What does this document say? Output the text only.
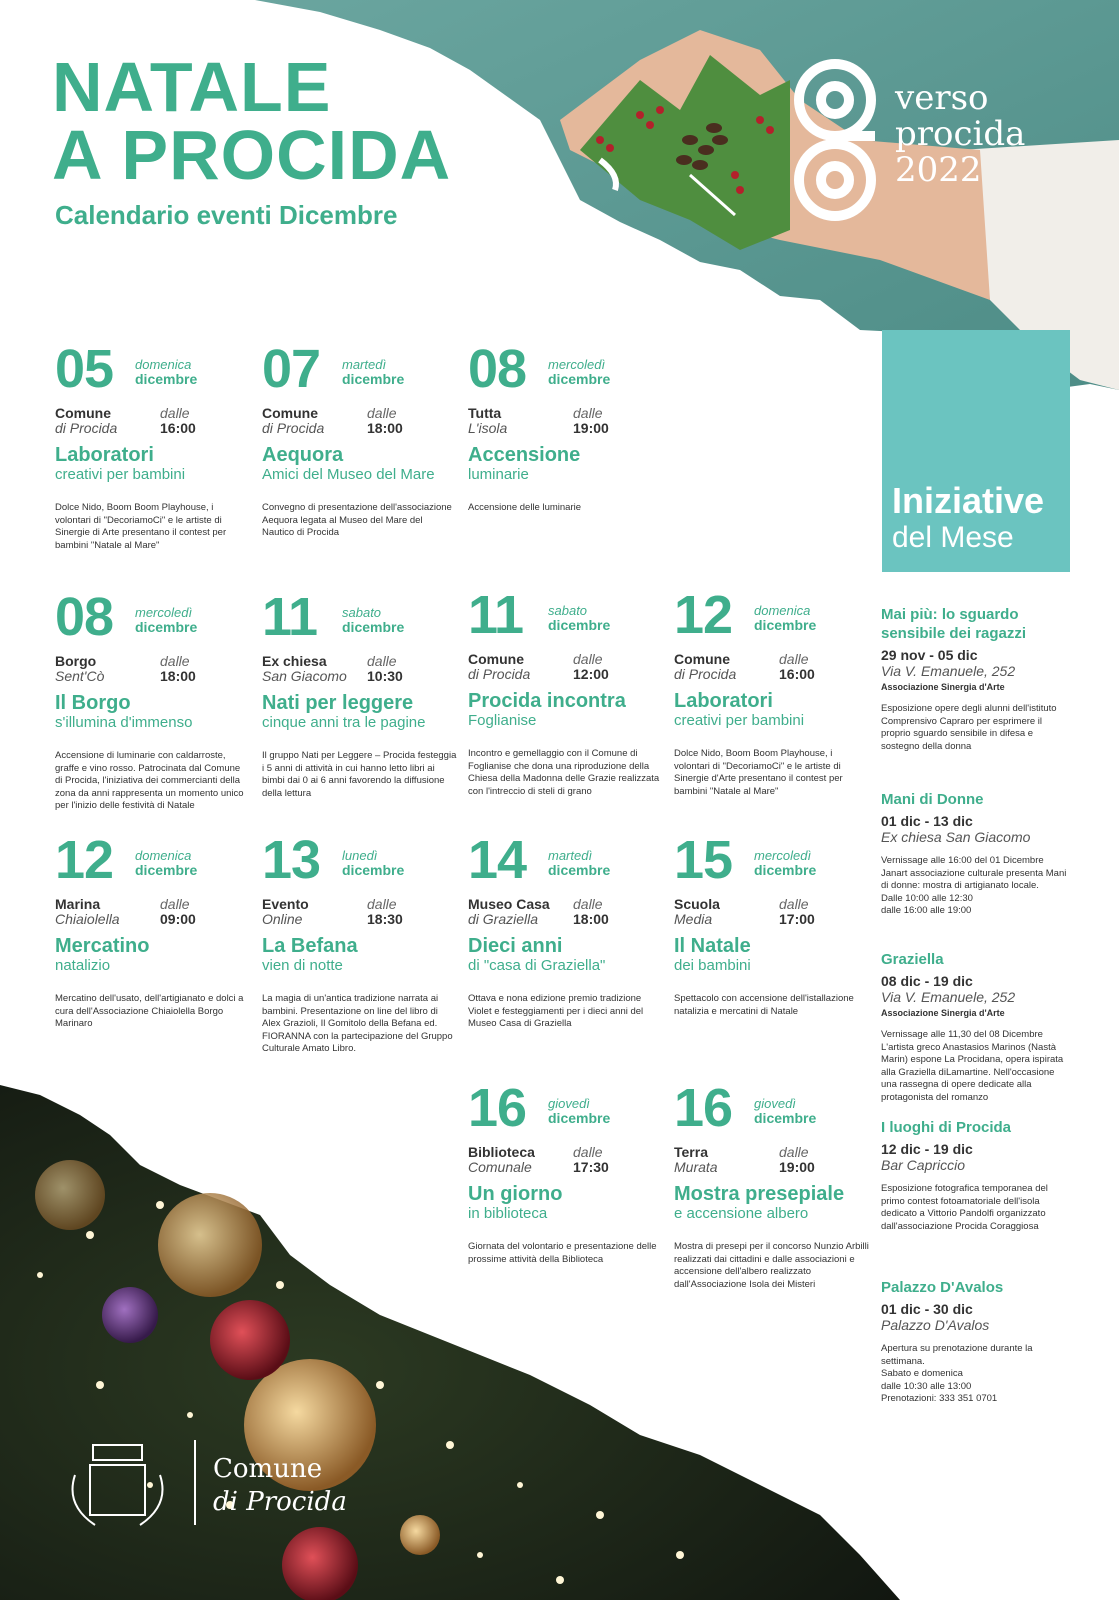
NATALE
A PROCIDA
Calendario eventi Dicembre
verso
procida
2022
05 domenica
dicembre
Comune
di Procida
dalle
16:00
Laboratori
creativi per bambini
Dolce Nido, Boom Boom Playhouse, i volontari di "DecoriamoCi" e le artiste di Sinergie di Arte presentano il contest per bambini "Natale al Mare"
07 martedì
dicembre
Comune
di Procida
dalle
18:00
Aequora
Amici del Museo del Mare
Convegno di presentazione dell'associazione Aequora legata al Museo del Mare del Nautico di Procida
08 mercoledì
dicembre
Tutta
L'isola
dalle
19:00
Accensione
luminarie
Accensione delle luminarie
08 mercoledì
dicembre
Borgo
Sent'Cò
dalle
18:00
Il Borgo
s'illumina d'immenso
Accensione di luminarie con caldarroste, graffe e vino rosso. Patrocinata dal Comune di Procida, l'iniziativa dei commercianti della zona da anni rappresenta un momento unico per l'inizio delle festività di Natale
11 sabato
dicembre
Ex chiesa
San Giacomo
dalle
10:30
Nati per leggere
cinque anni tra le pagine
Il gruppo Nati per Leggere – Procida festeggia i 5 anni di attività in cui hanno letto libri ai bimbi dai 0 ai 6 anni favorendo la diffusione della lettura
11 sabato
dicembre
Comune
di Procida
dalle
12:00
Procida incontra
Foglianise
Incontro e gemellaggio con il Comune di Foglianise che dona una riproduzione della Chiesa della Madonna delle Grazie realizzata con l'intreccio di steli di grano
12 domenica
dicembre
Comune
di Procida
dalle
16:00
Laboratori
creativi per bambini
Dolce Nido, Boom Boom Playhouse, i volontari di "DecoriamoCi" e le artiste di Sinergie d'Arte presentano il contest per bambini "Natale al Mare"
12 domenica
dicembre
Marina
Chiaiolella
dalle
09:00
Mercatino
natalizio
Mercatino dell'usato, dell'artigianato e dolci a cura dell'Associazione Chiaiolella Borgo Marinaro
13 lunedì
dicembre
Evento
Online
dalle
18:30
La Befana
vien di notte
La magia di un'antica tradizione narrata ai bambini. Presentazione on line del libro di Alex Grazioli, Il Gomitolo della Befana ed. FIORANNA con la partecipazione del Gruppo Culturale Amato Libro.
14 martedì
dicembre
Museo Casa
di Graziella
dalle
18:00
Dieci anni
di "casa di Graziella"
Ottava e nona edizione premio tradizione Violet e festeggiamenti per i dieci anni del Museo Casa di Graziella
15 mercoledì
dicembre
Scuola
Media
dalle
17:00
Il Natale
dei bambini
Spettacolo con accensione dell'istallazione natalizia e mercatini di Natale
16 giovedì
dicembre
Biblioteca
Comunale
dalle
17:30
Un giorno
in biblioteca
Giornata del volontario e presentazione delle prossime attività della Biblioteca
16 giovedì
dicembre
Terra
Murata
dalle
19:00
Mostra presepiale
e accensione albero
Mostra di presepi per il concorso Nunzio Arbilli realizzati dai cittadini e dalle associazioni e accensione dell'albero realizzato dall'Associazione Isola dei Misteri
Iniziative
del Mese
Mai più: lo sguardo sensibile dei ragazzi
29 nov - 05 dic
Via V. Emanuele, 252
Associazione Sinergia d'Arte
Esposizione opere degli alunni dell'istituto Comprensivo Capraro per esprimere il proprio sguardo sensibile in difesa e sostegno della donna
Mani di Donne
01 dic - 13 dic
Ex chiesa San Giacomo
Vernissage alle 16:00 del 01 Dicembre
Janart associazione culturale presenta Mani di donne: mostra di artigianato locale.
Dalle 10:00 alle 12:30
dalle 16:00 alle 19:00
Graziella
08 dic - 19 dic
Via V. Emanuele, 252
Associazione Sinergia d'Arte
Vernissage alle 11,30 del 08 Dicembre
L'artista greco Anastasios Marinos (Nastà Marin) espone La Procidana, opera ispirata alla Graziella diLamartine. Nell'occasione una rassegna di opere dedicate alla protagonista del romanzo
I luoghi di Procida
12 dic - 19 dic
Bar Capriccio
Esposizione fotografica temporanea del primo contest fotoamatoriale dell'isola dedicato a Vittorio Pandolfi organizzato dall'associazione Procida Coraggiosa
Palazzo D'Avalos
01 dic - 30 dic
Palazzo D'Avalos
Apertura su prenotazione durante la settimana.
Sabato e domenica
dalle 10:30 alle 13:00
Prenotazioni: 333 351 0701
Comune
di Procida
